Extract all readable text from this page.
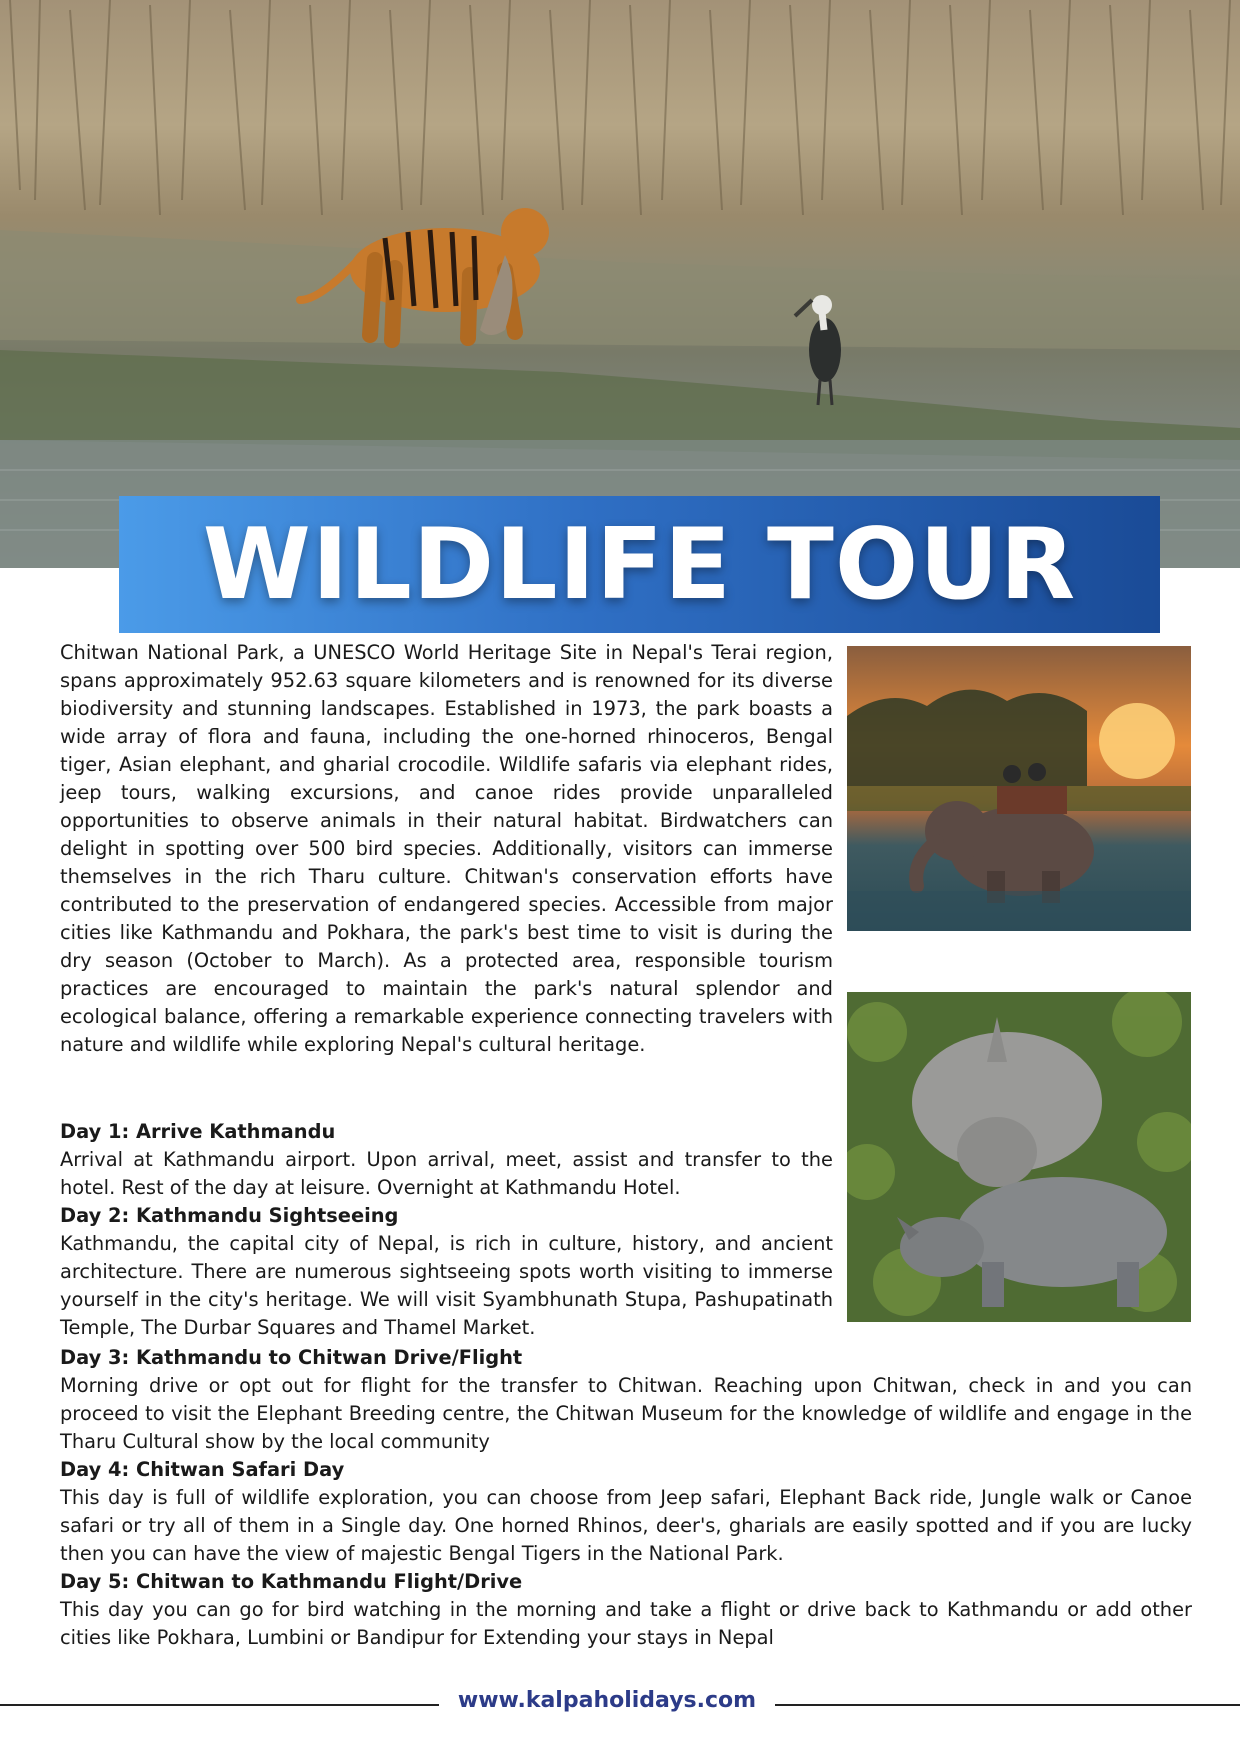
WILDLIFE TOUR
Chitwan National Park, a UNESCO World Heritage Site in Nepal's Terai region, spans approximately 952.63 square kilometers and is renowned for its diverse biodiversity and stunning landscapes. Established in 1973, the park boasts a wide array of flora and fauna, including the one-horned rhinoceros, Bengal tiger, Asian elephant, and gharial crocodile. Wildlife safaris via elephant rides, jeep tours, walking excursions, and canoe rides provide unparalleled opportunities to observe animals in their natural habitat. Birdwatchers can delight in spotting over 500 bird species. Additionally, visitors can immerse themselves in the rich Tharu culture. Chitwan's conservation efforts have contributed to the preservation of endangered species. Accessible from major cities like Kathmandu and Pokhara, the park's best time to visit is during the dry season (October to March). As a protected area, responsible tourism practices are encouraged to maintain the park's natural splendor and ecological balance, offering a remarkable experience connecting travelers with nature and wildlife while exploring Nepal's cultural heritage.
Day 1: Arrive Kathmandu
Arrival at Kathmandu airport. Upon arrival, meet, assist and transfer to the hotel. Rest of the day at leisure. Overnight at Kathmandu Hotel.
Day 2: Kathmandu Sightseeing
Kathmandu, the capital city of Nepal, is rich in culture, history, and ancient architecture. There are numerous sightseeing spots worth visiting to immerse yourself in the city's heritage. We will visit Syambhunath Stupa, Pashupatinath Temple, The Durbar Squares and Thamel Market.
Day 3: Kathmandu to Chitwan Drive/Flight
Morning drive or opt out for flight for the transfer to Chitwan. Reaching upon Chitwan, check in and you can proceed to visit the Elephant Breeding centre, the Chitwan Museum for the knowledge of wildlife and engage in the Tharu Cultural show by the local community
Day 4: Chitwan Safari Day
This day is full of wildlife exploration, you can choose from Jeep safari, Elephant Back ride, Jungle walk or Canoe safari or try all of them in a Single day. One horned Rhinos, deer's, gharials are easily spotted and if you are lucky then you can have the view of majestic Bengal Tigers in the National Park.
Day 5: Chitwan to Kathmandu Flight/Drive
This day you can go for bird watching in the morning and take a flight or drive back to Kathmandu or add other cities like Pokhara, Lumbini or Bandipur for Extending your stays in Nepal
www.kalpaholidays.com
